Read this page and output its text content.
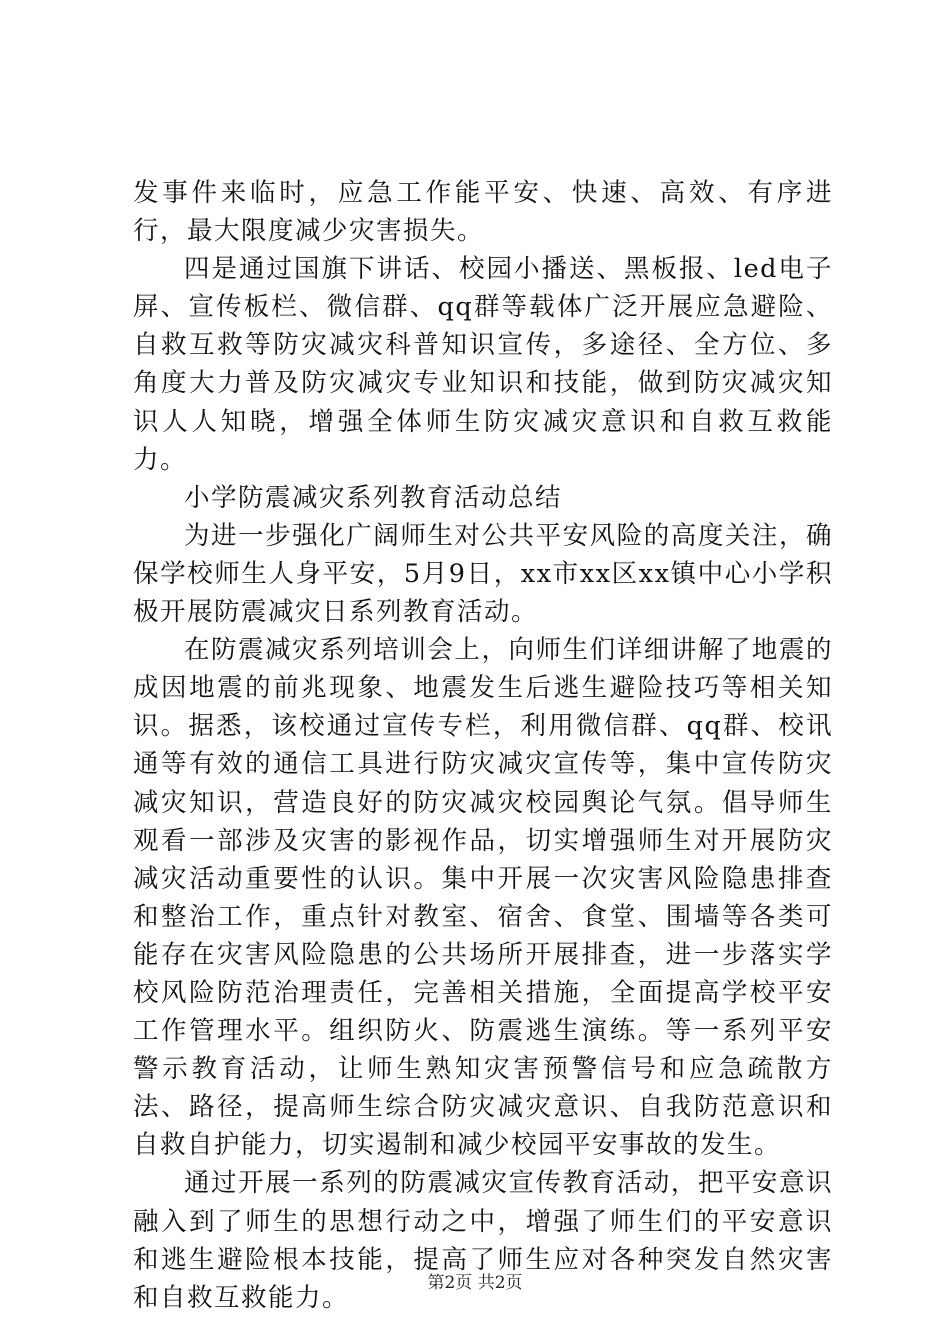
发事件来临时，应急工作能平安、快速、高效、有序进行，最大限度减少灾害损失。

四是通过国旗下讲话、校园小播送、黑板报、led电子屏、宣传板栏、微信群、qq群等载体广泛开展应急避险、自救互救等防灾减灾科普知识宣传，多途径、全方位、多角度大力普及防灾减灾专业知识和技能，做到防灾减灾知识人人知晓，增强全体师生防灾减灾意识和自救互救能力。

小学防震减灾系列教育活动总结

为进一步强化广阔师生对公共平安风险的高度关注，确保学校师生人身平安，5月9日，xx市xx区xx镇中心小学积极开展防震减灾日系列教育活动。

在防震减灾系列培训会上，向师生们详细讲解了地震的成因地震的前兆现象、地震发生后逃生避险技巧等相关知识。据悉，该校通过宣传专栏，利用微信群、qq群、校讯通等有效的通信工具进行防灾减灾宣传等，集中宣传防灾减灾知识，营造良好的防灾减灾校园舆论气氛。倡导师生观看一部涉及灾害的影视作品，切实增强师生对开展防灾减灾活动重要性的认识。集中开展一次灾害风险隐患排查和整治工作，重点针对教室、宿舍、食堂、围墙等各类可能存在灾害风险隐患的公共场所开展排查，进一步落实学校风险防范治理责任，完善相关措施，全面提高学校平安工作管理水平。组织防火、防震逃生演练。等一系列平安警示教育活动，让师生熟知灾害预警信号和应急疏散方法、路径，提高师生综合防灾减灾意识、自我防范意识和自救自护能力，切实遏制和减少校园平安事故的发生。

通过开展一系列的防震减灾宣传教育活动，把平安意识融入到了师生的思想行动之中，增强了师生们的平安意识和逃生避险根本技能，提高了师生应对各种突发自然灾害和自救互救能力。	第2页 共2页
